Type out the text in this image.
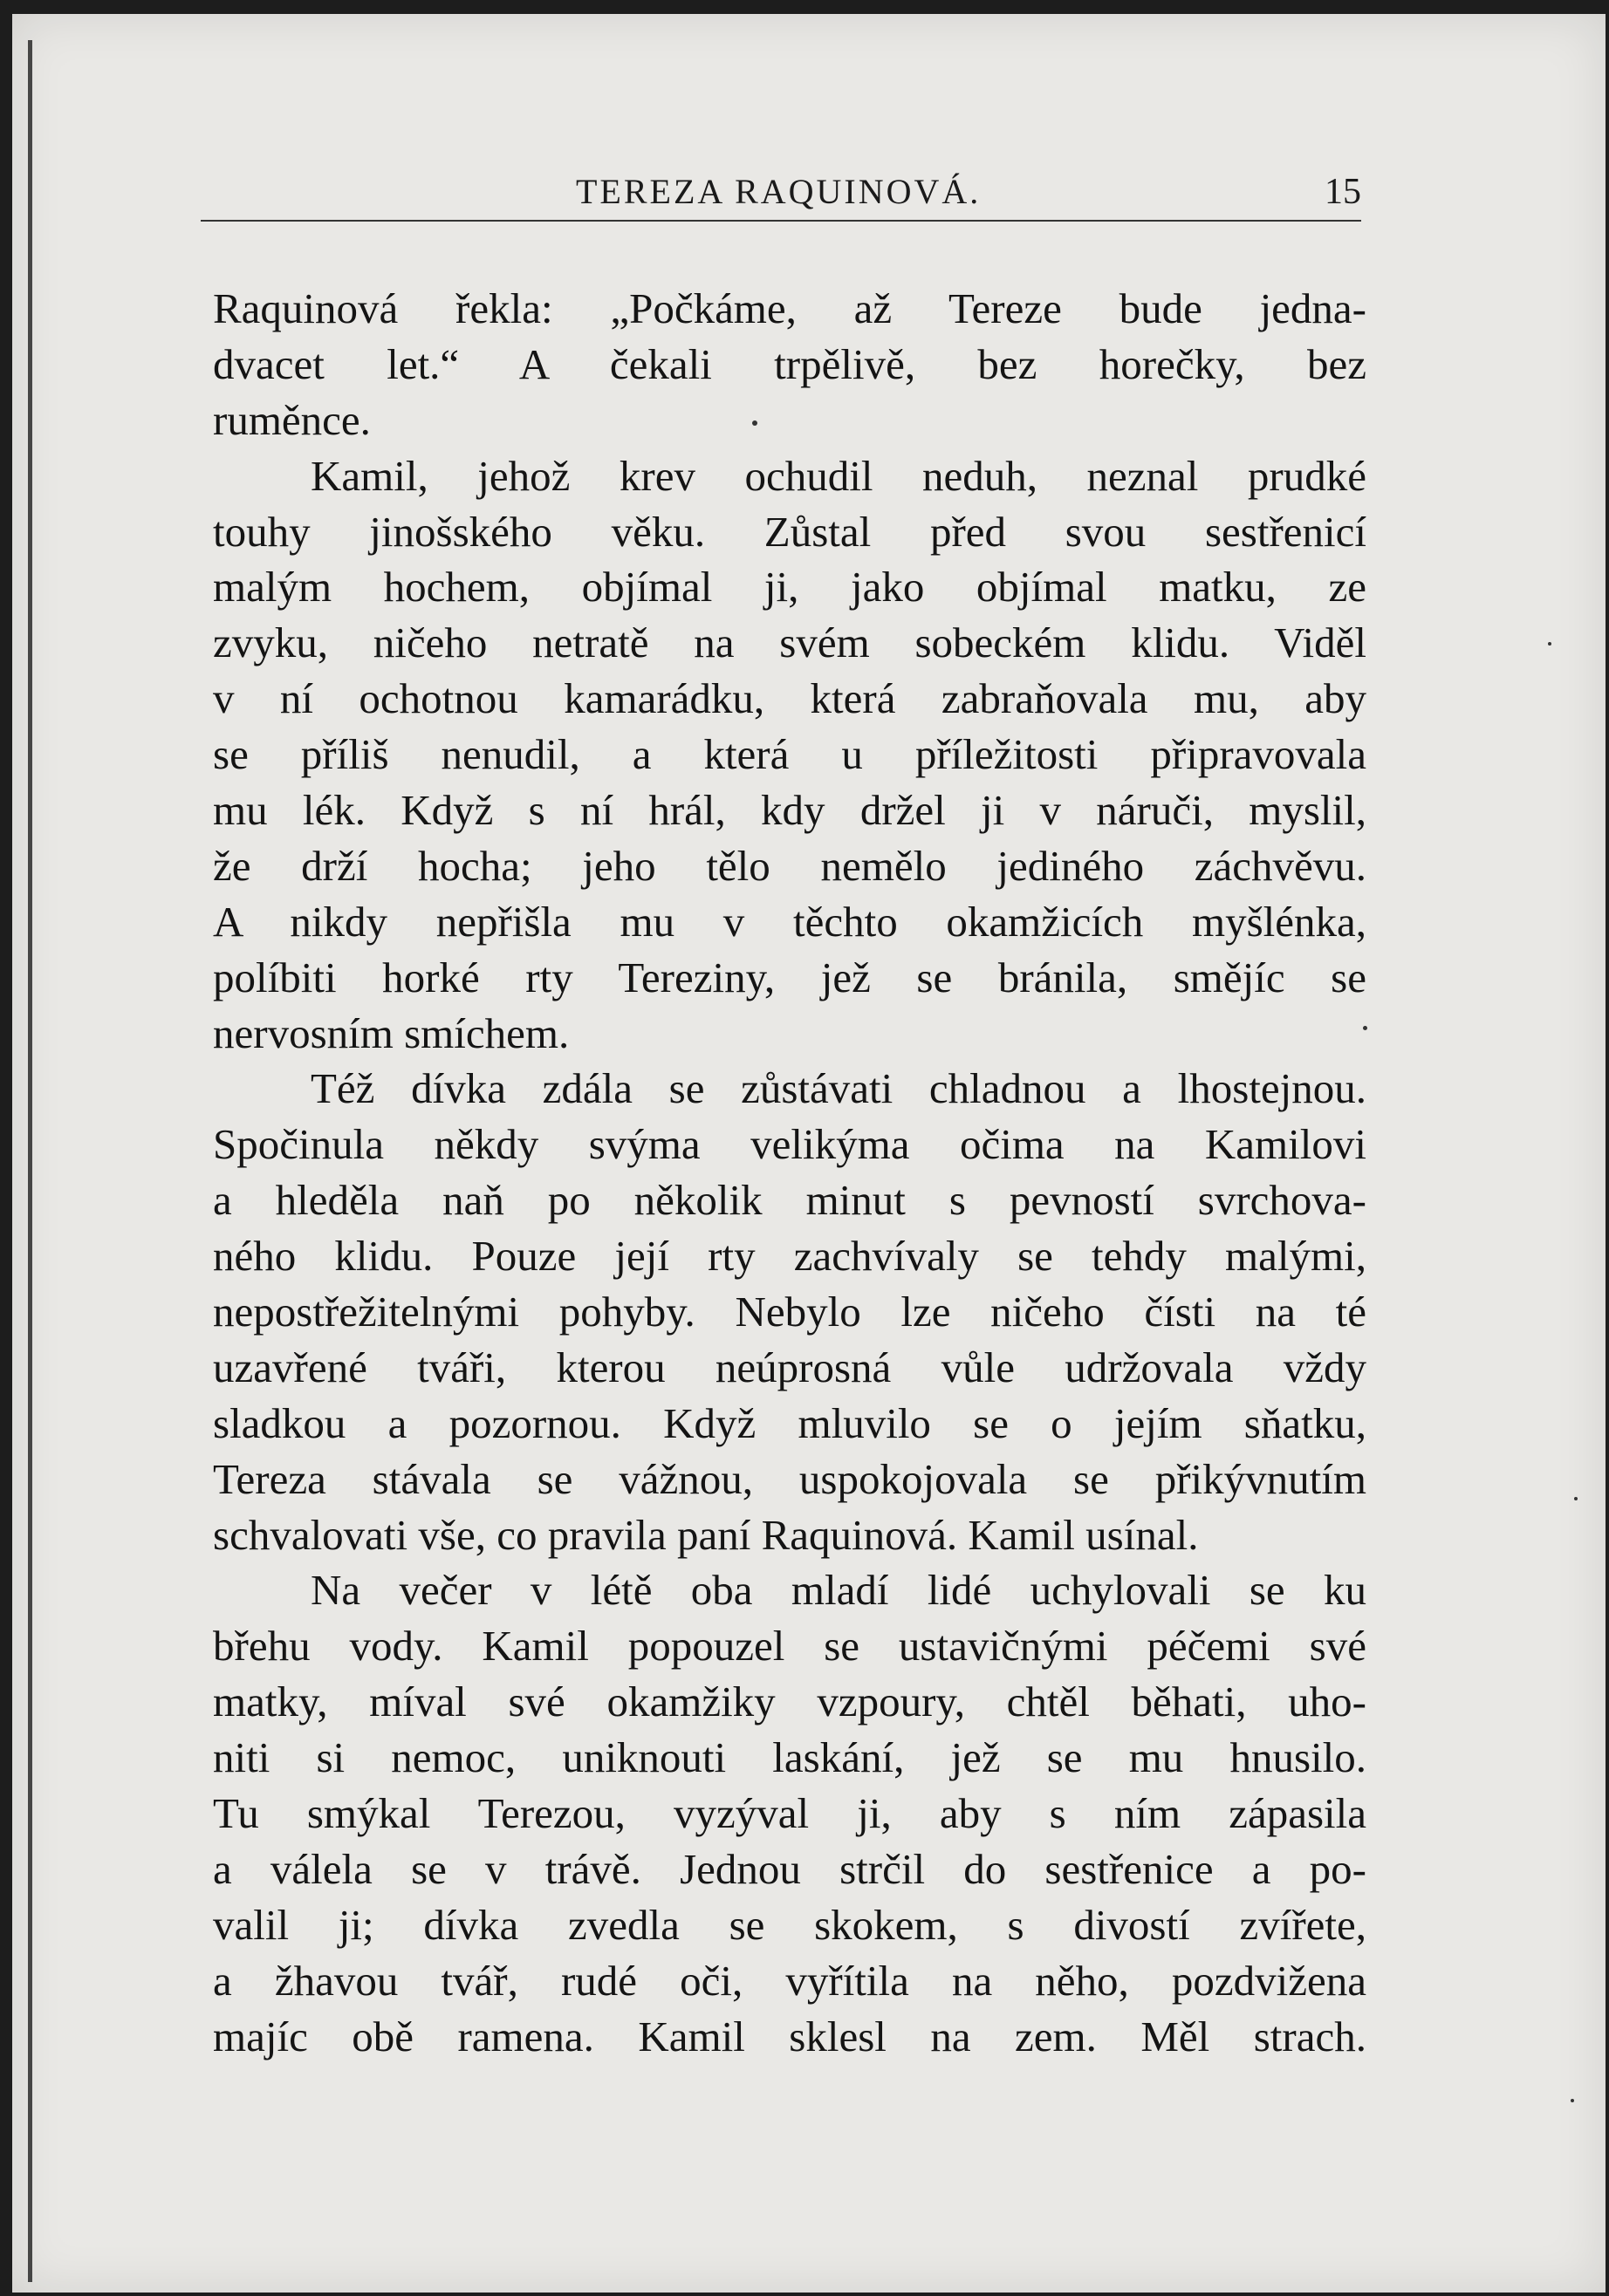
TEREZA RAQUINOVÁ.	15
Raquinová řekla: „Počkáme, až Tereze bude jedna-
dvacet let.“ A čekali trpělivě, bez horečky, bez
ruměnce.
Kamil, jehož krev ochudil neduh, neznal prudké
touhy jinošského věku. Zůstal před svou sestřenicí
malým hochem, objímal ji, jako objímal matku, ze
zvyku, ničeho netratě na svém sobeckém klidu. Viděl
v ní ochotnou kamarádku, která zabraňovala mu, aby
se příliš nenudil, a která u příležitosti připravovala
mu lék. Když s ní hrál, kdy držel ji v náruči, myslil,
že drží hocha; jeho tělo nemělo jediného záchvěvu.
A nikdy nepřišla mu v těchto okamžicích myšlénka,
políbiti horké rty Tereziny, jež se bránila, smějíc se
nervosním smíchem.
Též dívka zdála se zůstávati chladnou a lhostejnou.
Spočinula někdy svýma velikýma očima na Kamilovi
a hleděla naň po několik minut s pevností svrchova-
ného klidu. Pouze její rty zachvívaly se tehdy malými,
nepostřežitelnými pohyby. Nebylo lze ničeho čísti na té
uzavřené tváři, kterou neúprosná vůle udržovala vždy
sladkou a pozornou. Když mluvilo se o jejím sňatku,
Tereza stávala se vážnou, uspokojovala se přikývnutím
schvalovati vše, co pravila paní Raquinová. Kamil usínal.
Na večer v létě oba mladí lidé uchylovali se ku
břehu vody. Kamil popouzel se ustavičnými péčemi své
matky, míval své okamžiky vzpoury, chtěl běhati, uho-
niti si nemoc, uniknouti laskání, jež se mu hnusilo.
Tu smýkal Terezou, vyzýval ji, aby s ním zápasila
a válela se v trávě. Jednou strčil do sestřenice a po-
valil ji; dívka zvedla se skokem, s divostí zvířete,
a žhavou tvář, rudé oči, vyřítila na něho, pozdvižena
majíc obě ramena. Kamil sklesl na zem. Měl strach.
